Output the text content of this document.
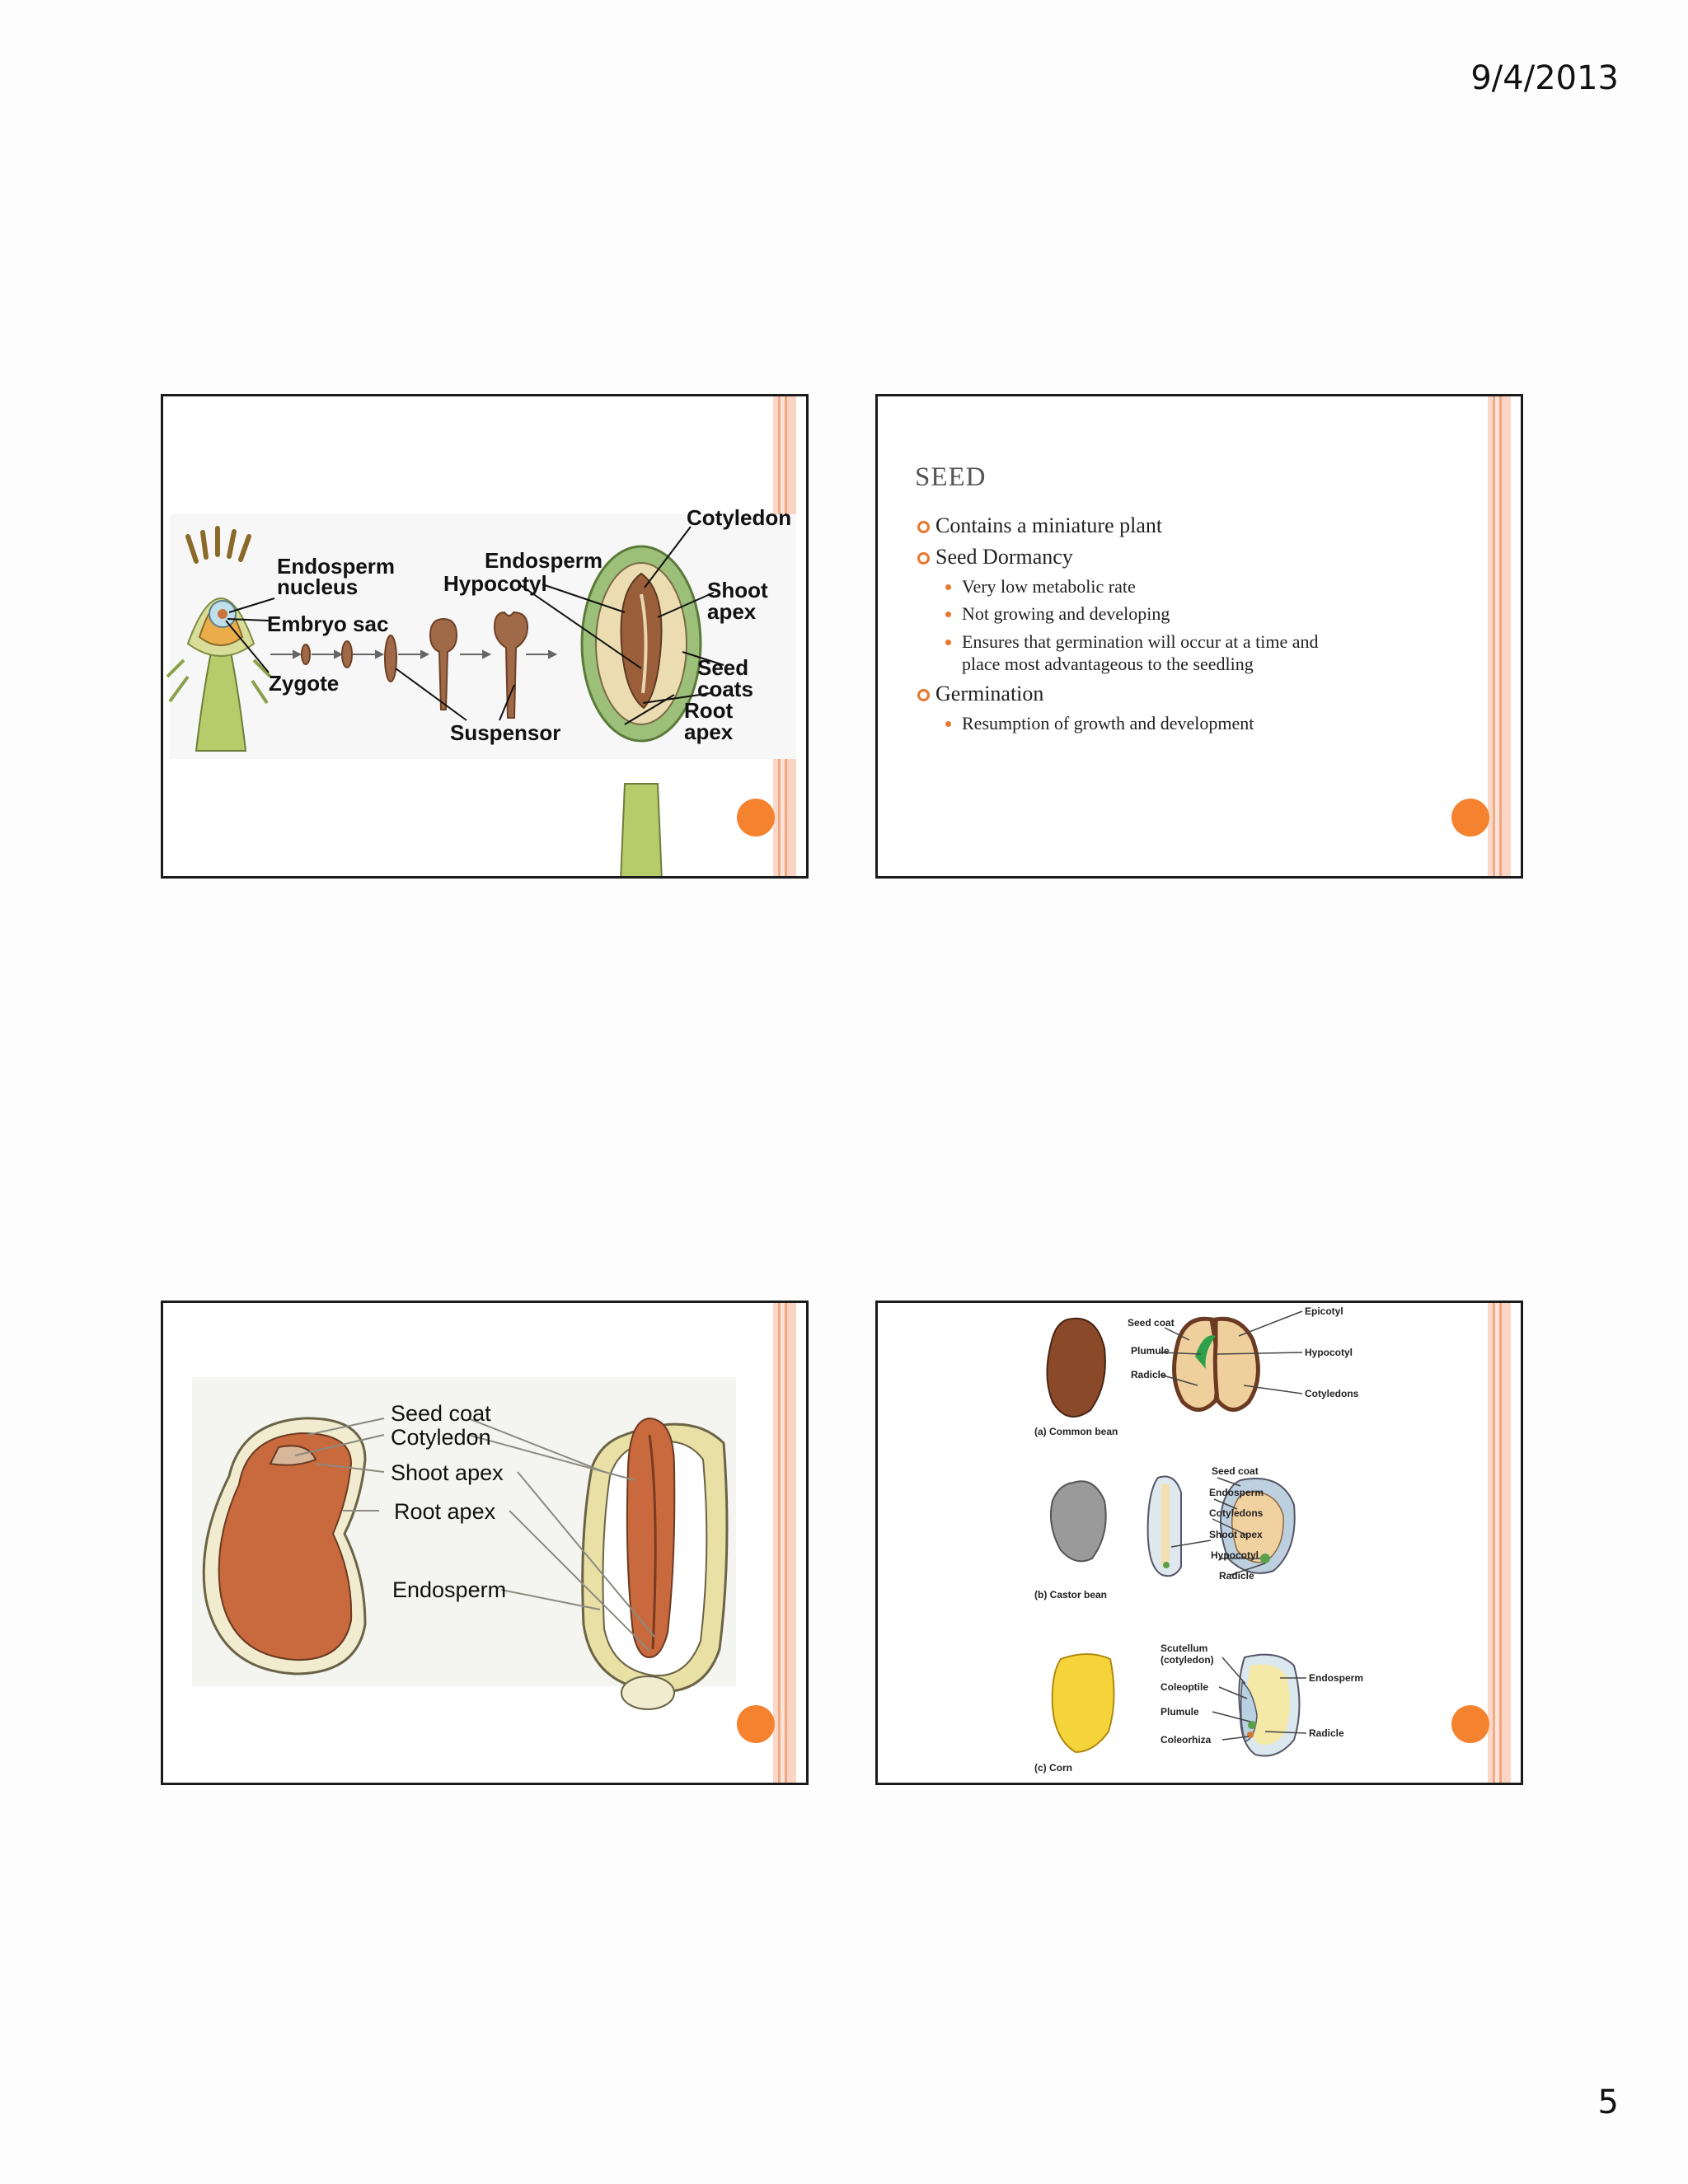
9/4/2013
Endosperm
nucleus
Embryo sac
Zygote
Endosperm
Hypocotyl
Suspensor
Cotyledon
Shoot
apex
Seed
coats
Root
apex
SEED
Contains a miniature plant
Seed Dormancy
Very low metabolic rate
Not growing and developing
Ensures that germination will occur at a time and
place most advantageous to the seedling
Germination
Resumption of growth and development
Seed coat
Cotyledon
Shoot apex
Root apex
Endosperm
Seed coat
Plumule
Radicle
Epicotyl
Hypocotyl
Cotyledons
(a) Common bean
Seed coat
Endosperm
Cotyledons
Shoot apex
Hypocotyl
Radicle
(b) Castor bean
Scutellum
(cotyledon)
Coleoptile
Plumule
Coleorhiza
Endosperm
Radicle
(c) Corn
5
